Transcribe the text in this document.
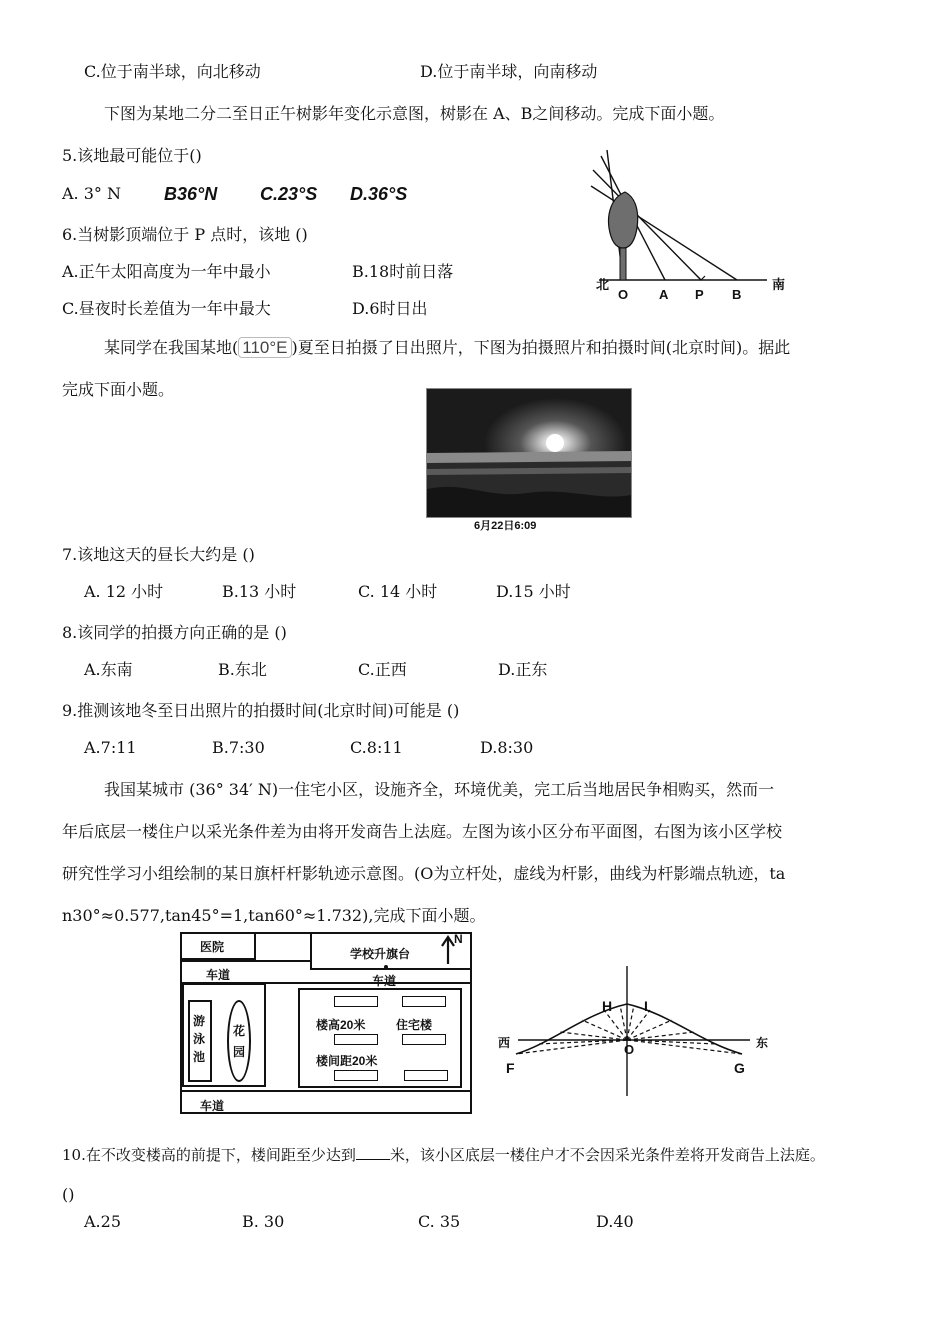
C.位于南半球，向北移动	D.位于南半球，向南移动
下图为某地二分二至日正午树影年变化示意图，树影在 A、B之间移动。完成下面小题。
5.该地最可能位于()
A. 3° N B36°N C.23°S D.36°S
6.当树影顶端位于 P 点时，该地 ()
A.正午太阳高度为一年中最小	B.18时前日落
C.昼夜时长差值为一年中最大	D.6时日出
北	南
O A P B
某同学在我国某地( 110°E )夏至日拍摄了日出照片，下图为拍摄照片和拍摄时间(北京时间)。据此
完成下面小题。
6月22日6:09
7.该地这天的昼长大约是 ()
A. 12 小时	B.13 小时	C. 14 小时	D.15 小时
8.该同学的拍摄方向正确的是 ()
A.东南	B.东北	C.正西	D.正东
9.推测该地冬至日出照片的拍摄时间(北京时间)可能是 ()
A.7:11	B.7:30	C.8:11	D.8:30
我国某城市 (36° 34′ N)一住宅小区，设施齐全，环境优美，完工后当地居民争相购买，然而一
年后底层一楼住户以采光条件差为由将开发商告上法庭。左图为该小区分布平面图，右图为该小区学校
研究性学习小组绘制的某日旗杆杆影轨迹示意图。(O为立杆处，虚线为杆影，曲线为杆影端点轨迹，ta
n30°≈0.577,tan45°=1,tan60°≈1.732),完成下面小题。
医院	学校升旗台
N
车道	车道
游
泳
池
花
园
楼高20米	住宅楼
楼间距20米
车道
西	东
H I
O
F	G
10.在不改变楼高的前提下，楼间距至少达到 米，该小区底层一楼住户才不会因采光条件差将开发商告上法庭。
()
A.25	B. 30	C. 35	D.40
